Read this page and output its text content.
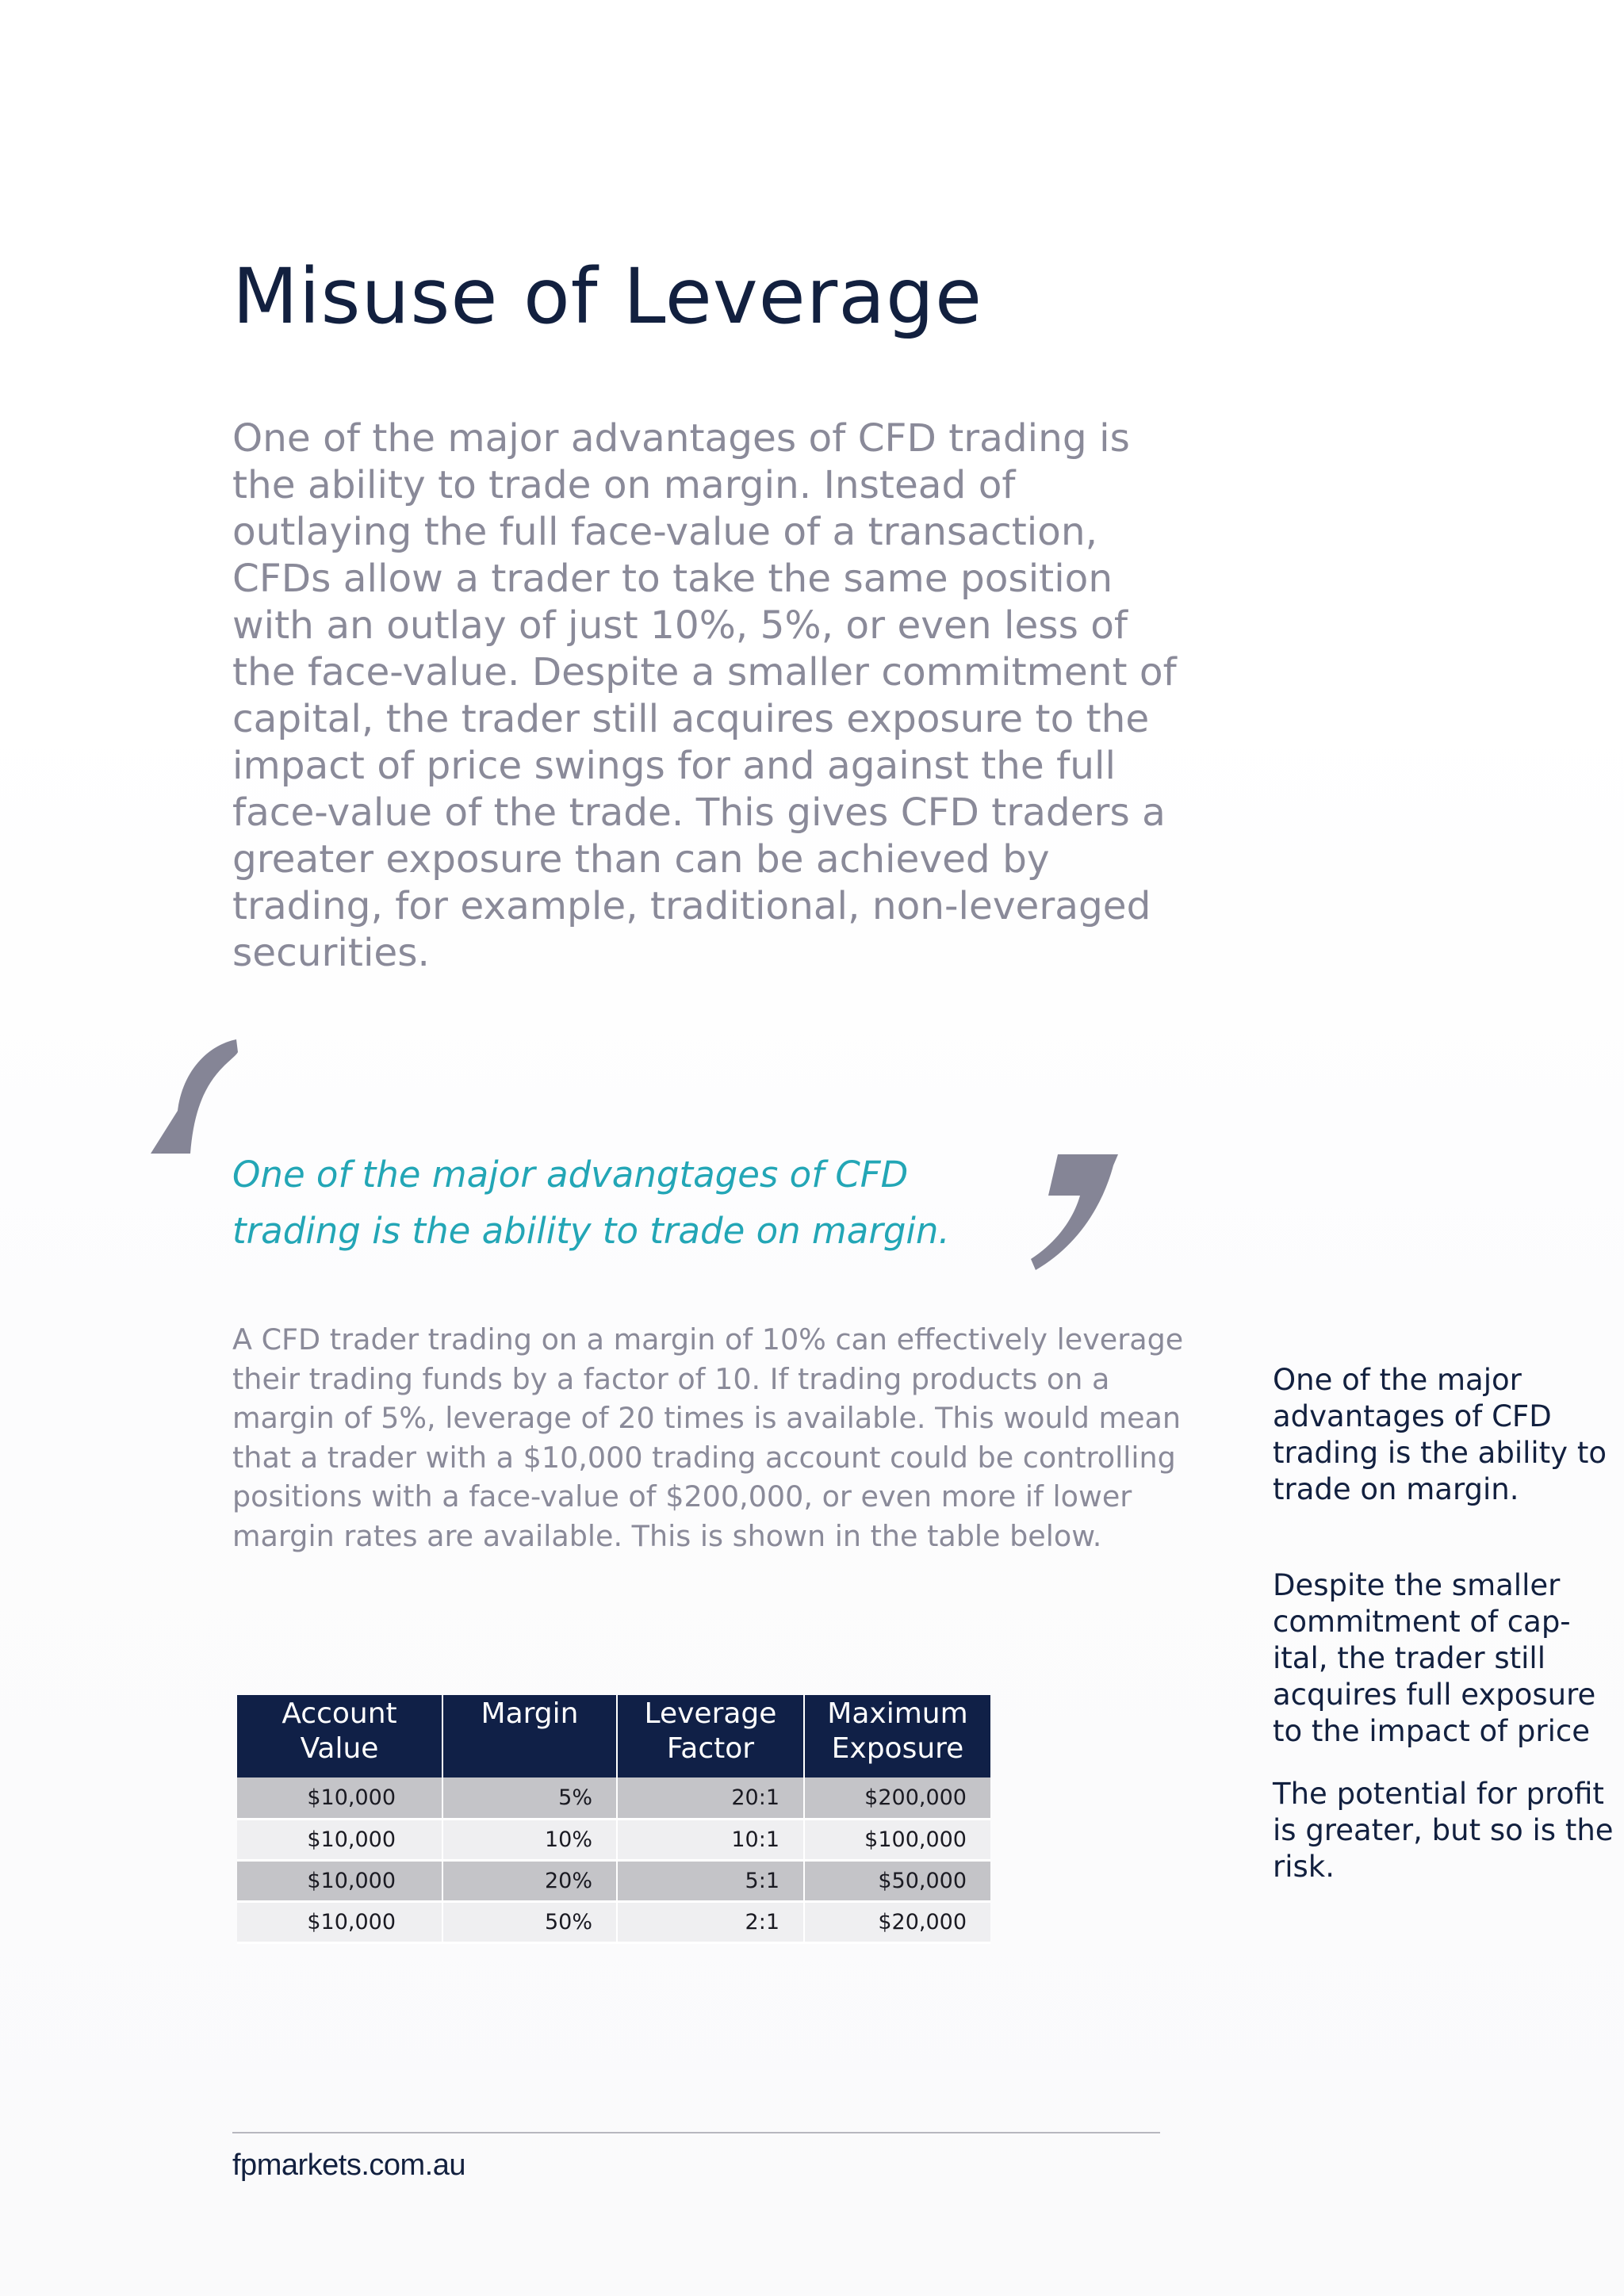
Misuse of Leverage

One of the major advantages of CFD trading is the ability to trade on margin. Instead of outlaying the full face-value of a transaction, CFDs allow a trader to take the same position with an outlay of just 10%, 5%, or even less of the face-value. Despite a smaller commitment of capital, the trader still acquires exposure to the impact of price swings for and against the full face-value of the trade. This gives CFD traders a greater exposure than can be achieved by trading, for example, traditional, non-leveraged securities.

One of the major advangtages of CFD
trading is the ability to trade on margin.

A CFD trader trading on a margin of 10% can effectively leverage their trading funds by a factor of 10. If trading products on a margin of 5%, leverage of 20 times is available. This would mean that a trader with a $10,000 trading account could be controlling positions with a face-value of $200,000, or even more if lower margin rates are available. This is shown in the table below.

One of the major advantages of CFD trading is the ability to trade on margin.

Despite the smaller commitment of cap-ital, the trader still acquires full exposure to the impact of price

The potential for profit is greater, but so is the risk.

Account Value	Margin	Leverage Factor	Maximum Exposure
$10,000	5%	20:1	$200,000
$10,000	10%	10:1	$100,000
$10,000	20%	5:1	$50,000
$10,000	50%	2:1	$20,000
fpmarkets.com.au
